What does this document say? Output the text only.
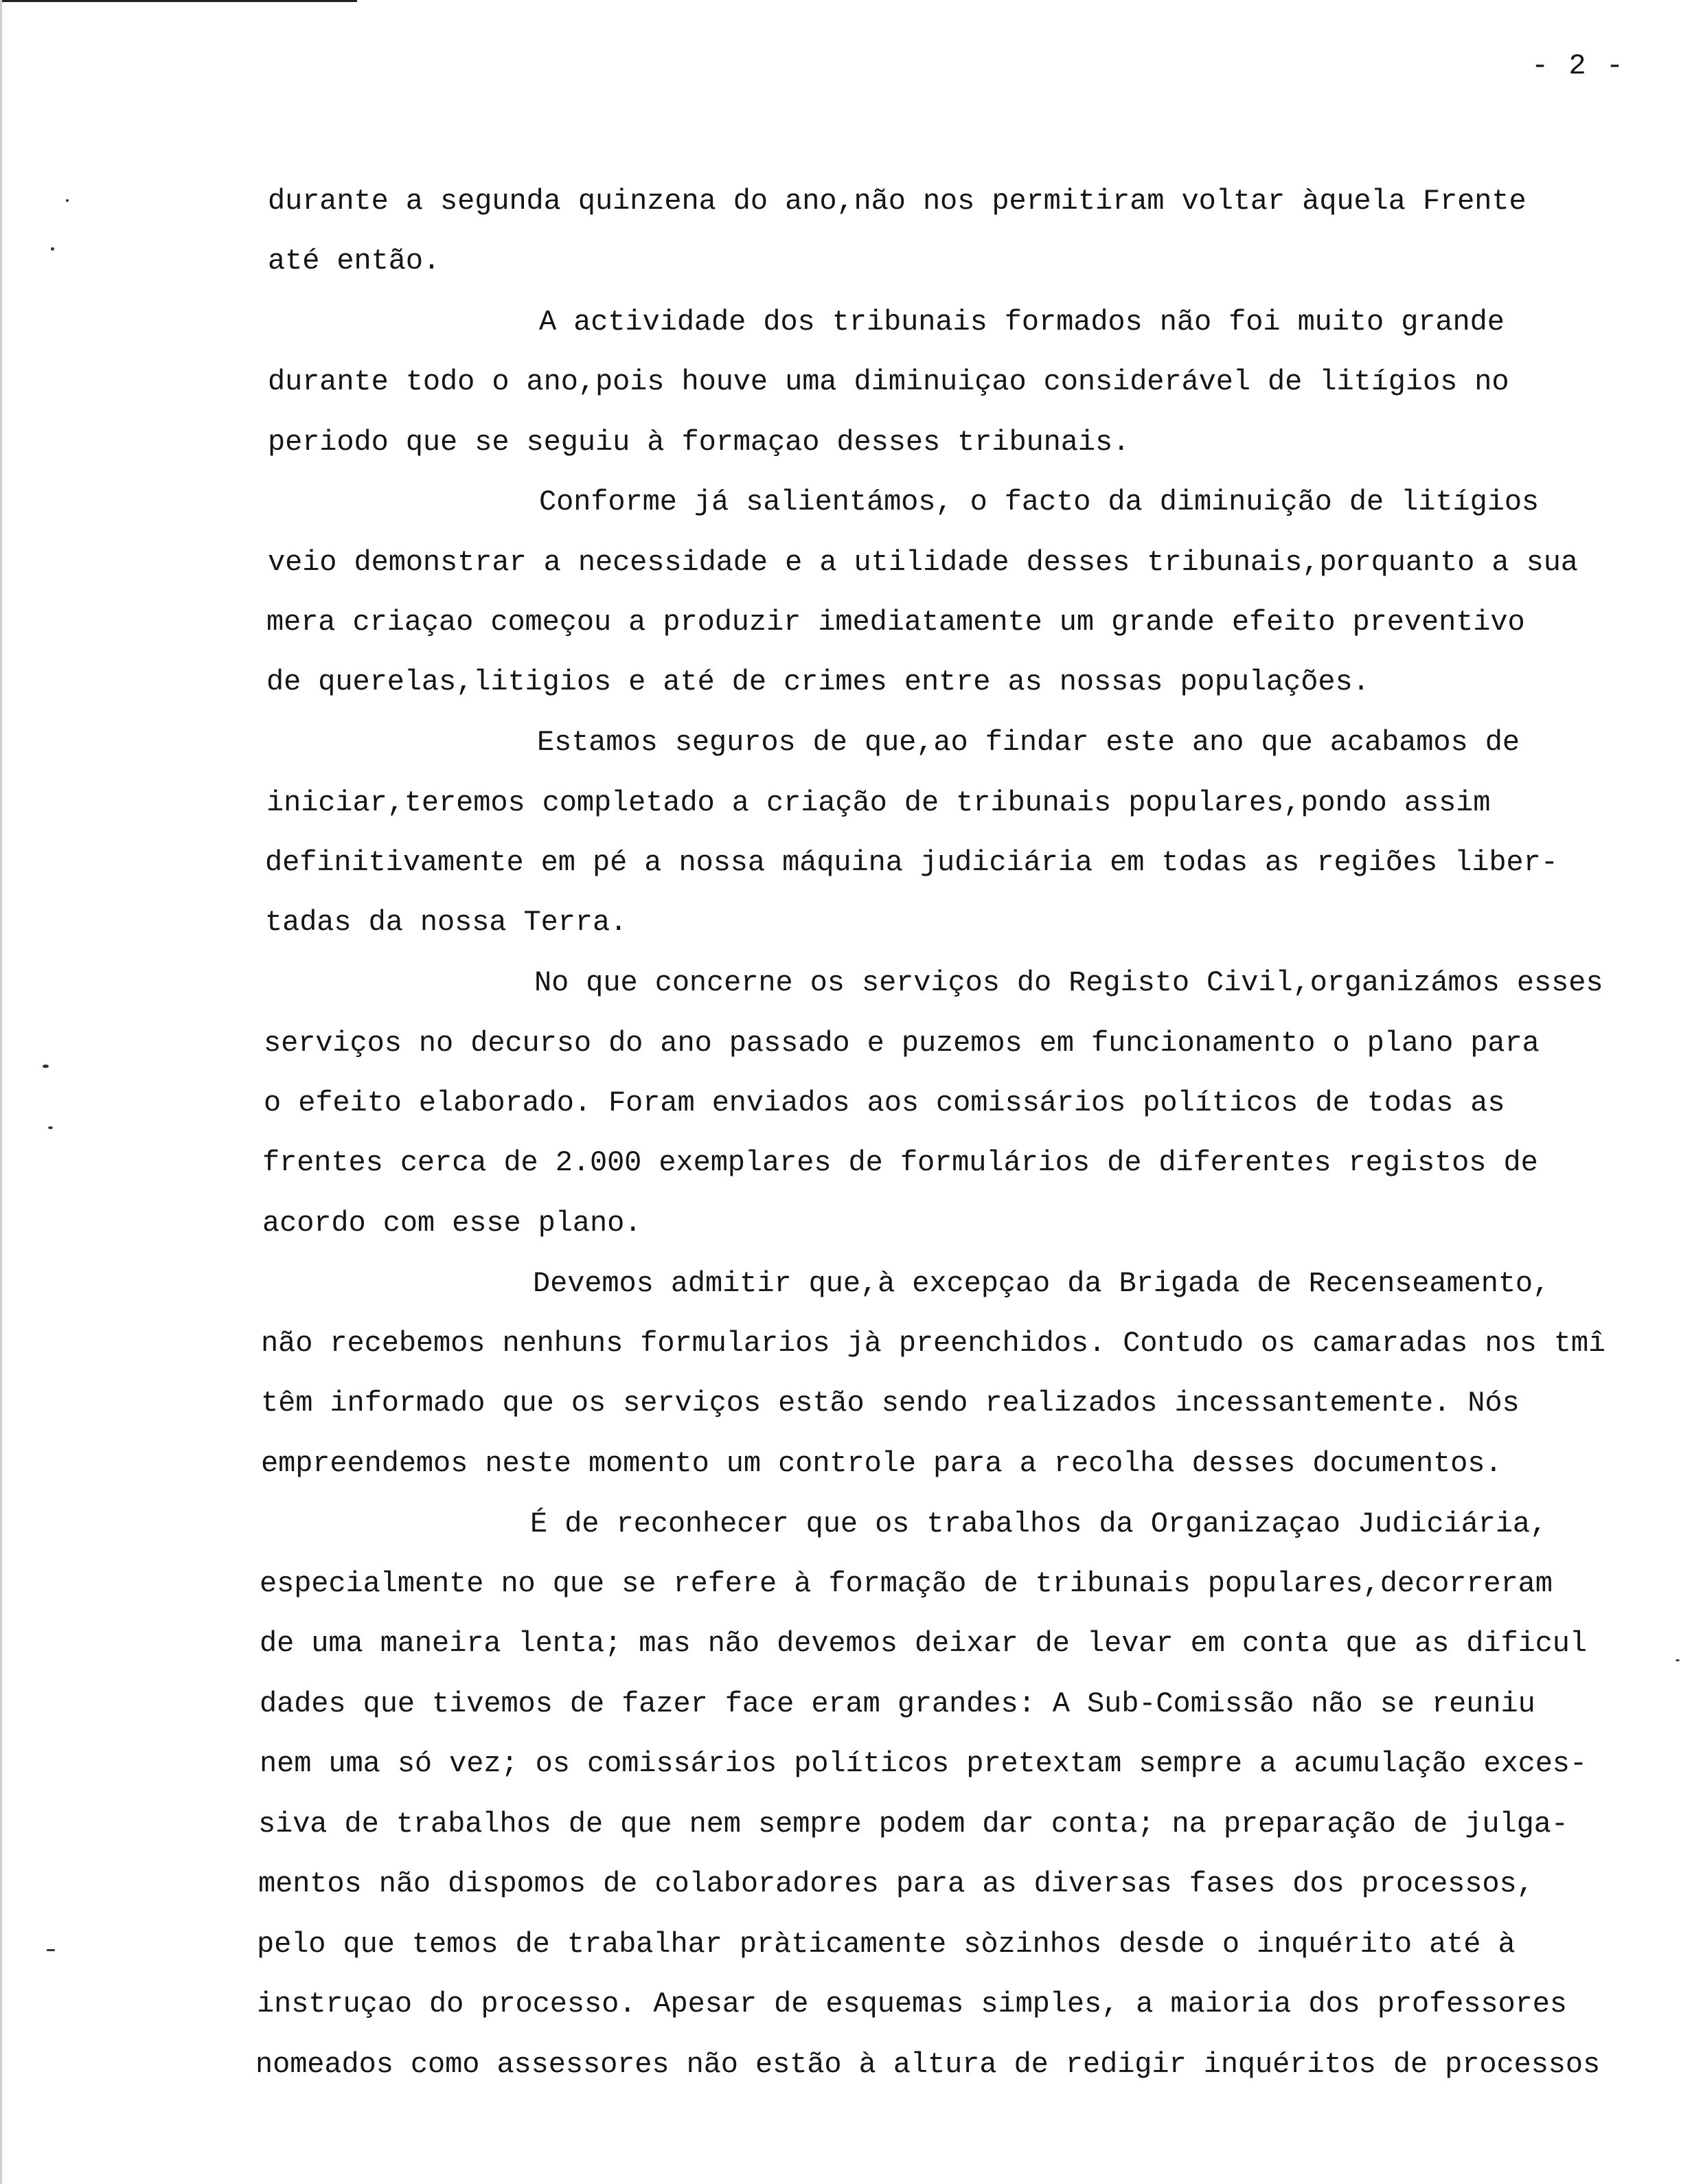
- 2 -
durante a segunda quinzena do ano,não nos permitiram voltar àquela Frente
até então.
A actividade dos tribunais formados não foi muito grande
durante todo o ano,pois houve uma diminuiçao considerável de litígios no
periodo que se seguiu à formaçao desses tribunais.
Conforme já salientámos, o facto da diminuição de litígios
veio demonstrar a necessidade e a utilidade desses tribunais,porquanto a sua
mera criaçao começou a produzir imediatamente um grande efeito preventivo
de querelas,litigios e até de crimes entre as nossas populações.
Estamos seguros de que,ao findar este ano que acabamos de
iniciar,teremos completado a criação de tribunais populares,pondo assim
definitivamente em pé a nossa máquina judiciária em todas as regiões liber-
tadas da nossa Terra.
No que concerne os serviços do Registo Civil,organizámos esses
serviços no decurso do ano passado e puzemos em funcionamento o plano para
o efeito elaborado. Foram enviados aos comissários políticos de todas as
frentes cerca de 2.000 exemplares de formulários de diferentes registos de
acordo com esse plano.
Devemos admitir que,à excepçao da Brigada de Recenseamento,
não recebemos nenhuns formularios jà preenchidos. Contudo os camaradas nos tmî
têm informado que os serviços estão sendo realizados incessantemente. Nós
empreendemos neste momento um controle para a recolha desses documentos.
É de reconhecer que os trabalhos da Organizaçao Judiciária,
especialmente no que se refere à formação de tribunais populares,decorreram
de uma maneira lenta; mas não devemos deixar de levar em conta que as dificul
dades que tivemos de fazer face eram grandes: A Sub-Comissão não se reuniu
nem uma só vez; os comissários políticos pretextam sempre a acumulação exces-
siva de trabalhos de que nem sempre podem dar conta; na preparação de julga-
mentos não dispomos de colaboradores para as diversas fases dos processos,
pelo que temos de trabalhar pràticamente sòzinhos desde o inquérito até à
instruçao do processo. Apesar de esquemas simples, a maioria dos professores
nomeados como assessores não estão à altura de redigir inquéritos de processos
